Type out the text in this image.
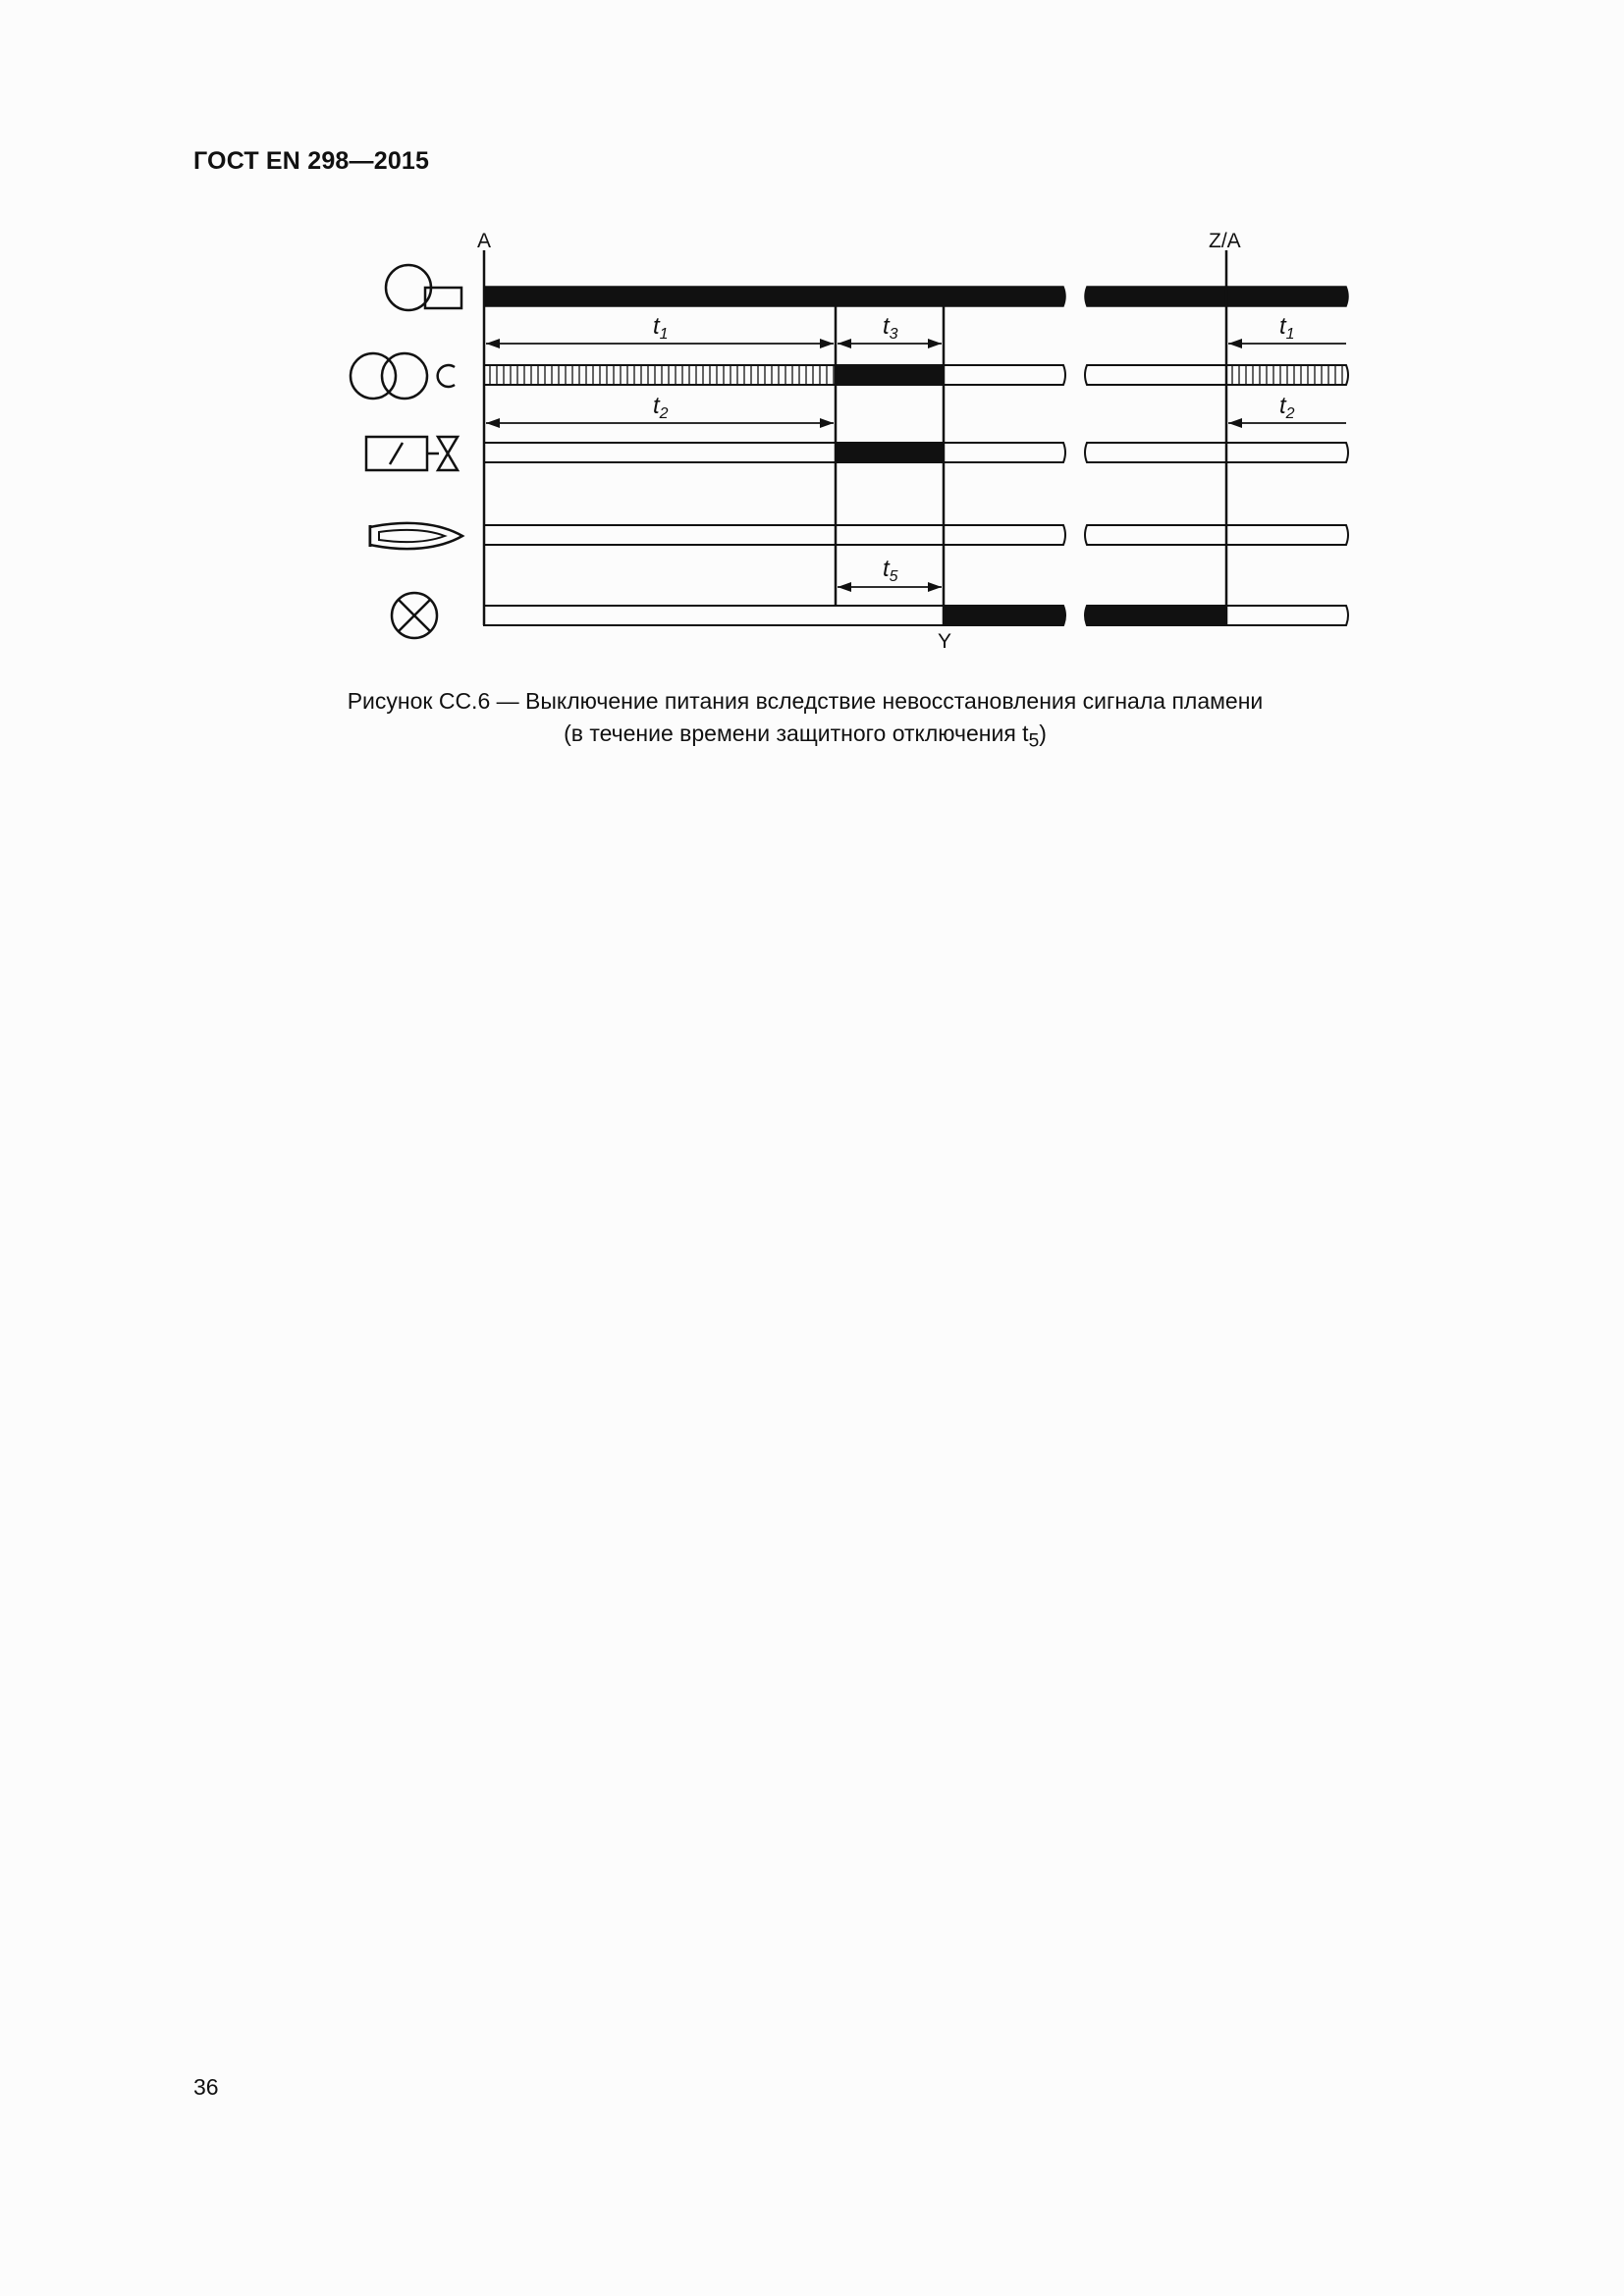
ГОСТ EN 298—2015
A	Z/A
Y
$t_1$	$t_3$	$t_1$
$t_2$	$t_2$
$t_5$
Рисунок СС.6 — Выключение питания вследствие невосстановления сигнала пламени
(в течение времени защитного отключения $t_5$)
36
